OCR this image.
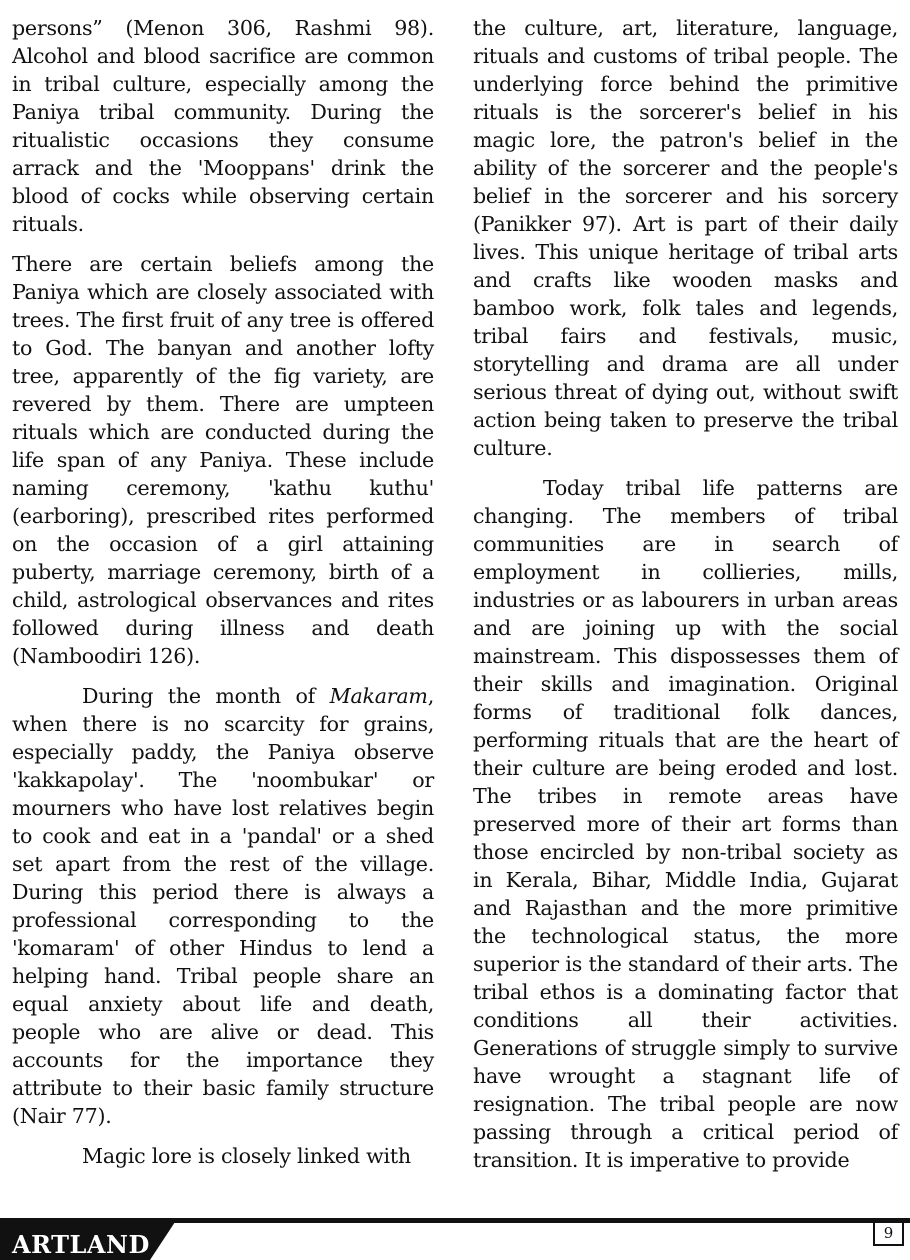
persons” (Menon 306, Rashmi 98). Alcohol and blood sacrifice are common in tribal culture, especially among the Paniya tribal community. During the ritualistic occasions they consume arrack and the 'Mooppans' drink the blood of cocks while observing certain rituals.

There are certain beliefs among the Paniya which are closely associated with trees. The first fruit of any tree is offered to God. The banyan and another lofty tree, apparently of the fig variety, are revered by them. There are umpteen rituals which are conducted during the life span of any Paniya. These include naming ceremony, 'kathu kuthu' (earboring), prescribed rites performed on the occasion of a girl attaining puberty, marriage ceremony, birth of a child, astrological observances and rites followed during illness and death (Namboodiri 126).

During the month of Makaram, when there is no scarcity for grains, especially paddy, the Paniya observe 'kakkapolay'. The 'noombukar' or mourners who have lost relatives begin to cook and eat in a 'pandal' or a shed set apart from the rest of the village. During this period there is always a professional corresponding to the 'komaram' of other Hindus to lend a helping hand. Tribal people share an equal anxiety about life and death, people who are alive or dead. This accounts for the importance they attribute to their basic family structure (Nair 77).

Magic lore is closely linked with

the culture, art, literature, language, rituals and customs of tribal people. The underlying force behind the primitive rituals is the sorcerer's belief in his magic lore, the patron's belief in the ability of the sorcerer and the people's belief in the sorcerer and his sorcery (Panikker 97). Art is part of their daily lives. This unique heritage of tribal arts and crafts like wooden masks and bamboo work, folk tales and legends, tribal fairs and festivals, music, storytelling and drama are all under serious threat of dying out, without swift action being taken to preserve the tribal culture.

Today tribal life patterns are changing. The members of tribal communities are in search of employment in collieries, mills, industries or as labourers in urban areas and are joining up with the social mainstream. This dispossesses them of their skills and imagination. Original forms of traditional folk dances, performing rituals that are the heart of their culture are being eroded and lost. The tribes in remote areas have preserved more of their art forms than those encircled by non-tribal society as in Kerala, Bihar, Middle India, Gujarat and Rajasthan and the more primitive the technological status, the more superior is the standard of their arts. The tribal ethos is a dominating factor that conditions all their activities. Generations of struggle simply to survive have wrought a stagnant life of resignation. The tribal people are now passing through a critical period of transition. It is imperative to provide

ARTLAND	9
